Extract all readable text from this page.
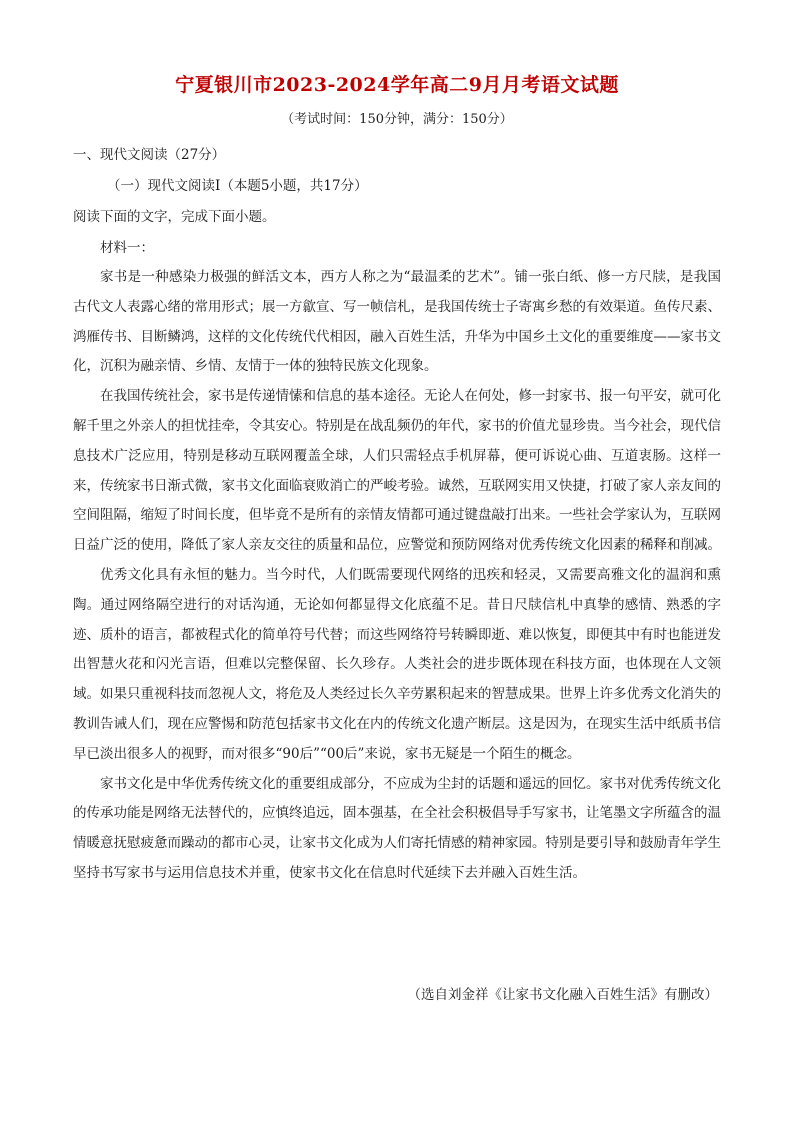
宁夏银川市2023-2024学年高二9月月考语文试题
（考试时间：150分钟，满分：150分）
一、现代文阅读（27分）
（一）现代文阅读Ⅰ（本题5小题，共17分）
阅读下面的文字，完成下面小题。
材料一：

家书是一种感染力极强的鲜活文本，西方人称之为“最温柔的艺术”。铺一张白纸、修一方尺牍，是我国古代文人表露心绪的常用形式；展一方歙宣、写一帧信札，是我国传统士子寄寓乡愁的有效渠道。鱼传尺素、鸿雁传书、目断鳞鸿，这样的文化传统代代相因，融入百姓生活，升华为中国乡土文化的重要维度——家书文化，沉积为融亲情、乡情、友情于一体的独特民族文化现象。

在我国传统社会，家书是传递情愫和信息的基本途径。无论人在何处，修一封家书、报一句平安，就可化解千里之外亲人的担忧挂牵，令其安心。特别是在战乱频仍的年代，家书的价值尤显珍贵。当今社会，现代信息技术广泛应用，特别是移动互联网覆盖全球，人们只需轻点手机屏幕，便可诉说心曲、互道衷肠。这样一来，传统家书日渐式微，家书文化面临衰败消亡的严峻考验。诚然，互联网实用又快捷，打破了家人亲友间的空间阻隔，缩短了时间长度，但毕竟不是所有的亲情友情都可通过键盘敲打出来。一些社会学家认为，互联网日益广泛的使用，降低了家人亲友交往的质量和品位，应警觉和预防网络对优秀传统文化因素的稀释和削减。

优秀文化具有永恒的魅力。当今时代，人们既需要现代网络的迅疾和轻灵，又需要高雅文化的温润和熏陶。通过网络隔空进行的对话沟通，无论如何都显得文化底蕴不足。昔日尺牍信札中真挚的感情、熟悉的字迹、质朴的语言，都被程式化的简单符号代替；而这些网络符号转瞬即逝、难以恢复，即便其中有时也能迸发出智慧火花和闪光言语，但难以完整保留、长久珍存。人类社会的进步既体现在科技方面，也体现在人文领域。如果只重视科技而忽视人文，将危及人类经过长久辛劳累积起来的智慧成果。世界上许多优秀文化消失的教训告诫人们，现在应警惕和防范包括家书文化在内的传统文化遗产断层。这是因为，在现实生活中纸质书信早已淡出很多人的视野，而对很多“90后”“00后”来说，家书无疑是一个陌生的概念。

家书文化是中华优秀传统文化的重要组成部分，不应成为尘封的话题和遥远的回忆。家书对优秀传统文化的传承功能是网络无法替代的，应慎终追远，固本强基，在全社会积极倡导手写家书，让笔墨文字所蕴含的温情暖意抚慰疲惫而躁动的都市心灵，让家书文化成为人们寄托情感的精神家园。特别是要引导和鼓励青年学生坚持书写家书与运用信息技术并重，使家书文化在信息时代延续下去并融入百姓生活。

（选自刘金祥《让家书文化融入百姓生活》有删改）
